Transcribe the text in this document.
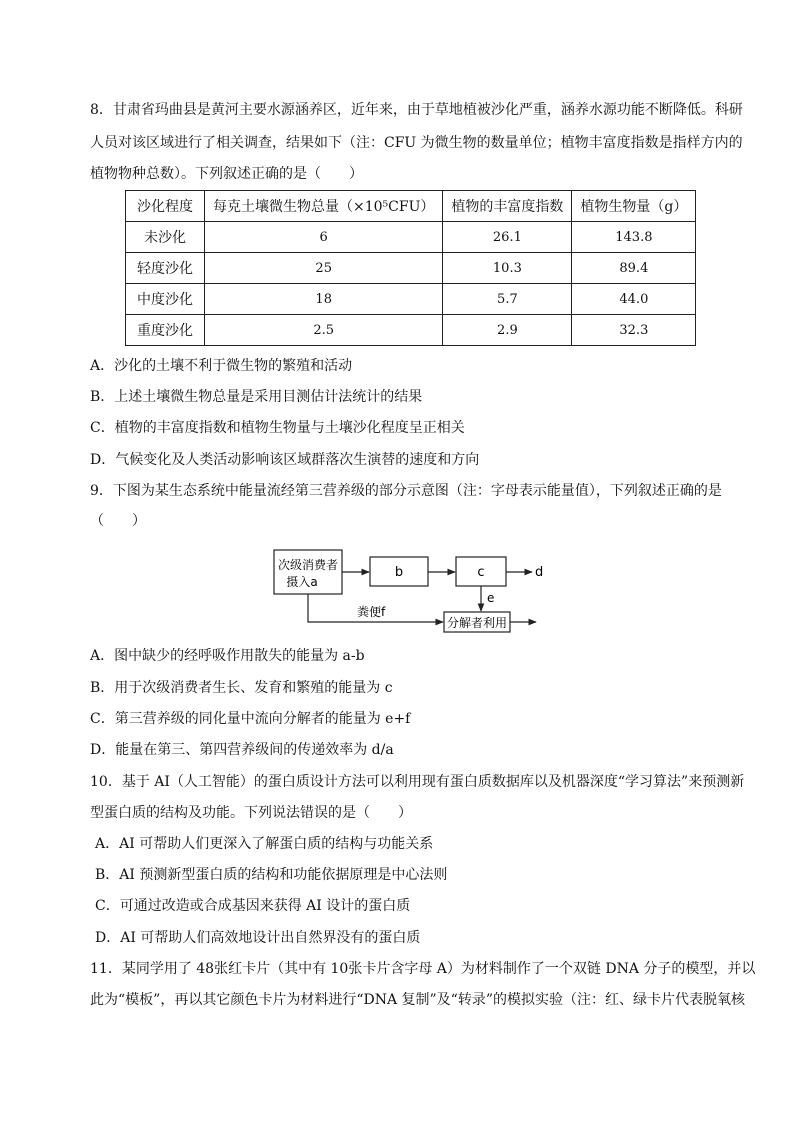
8．甘肃省玛曲县是黄河主要水源涵养区，近年来，由于草地植被沙化严重，涵养水源功能不断降低。科研
人员对该区域进行了相关调查，结果如下（注：CFU 为微生物的数量单位；植物丰富度指数是指样方内的
植物物种总数）。下列叙述正确的是（　　）
沙化程度	每克土壤微生物总量（×10⁵CFU）	植物的丰富度指数	植物生物量（g）
未沙化	6	26.1	143.8
轻度沙化	25	10.3	89.4
中度沙化	18	5.7	44.0
重度沙化	2.5	2.9	32.3
A．沙化的土壤不利于微生物的繁殖和活动
B．上述土壤微生物总量是采用目测估计法统计的结果
C．植物的丰富度指数和植物生物量与土壤沙化程度呈正相关
D．气候变化及人类活动影响该区域群落次生演替的速度和方向
9．下图为某生态系统中能量流经第三营养级的部分示意图（注：字母表示能量值），下列叙述正确的是
（　　）
次级消费者
摄入a
b	c	d
e
粪便f
分解者利用
A．图中缺少的经呼吸作用散失的能量为 a-b
B．用于次级消费者生长、发育和繁殖的能量为 c
C．第三营养级的同化量中流向分解者的能量为 e+f
D．能量在第三、第四营养级间的传递效率为 d/a
10．基于 AI（人工智能）的蛋白质设计方法可以利用现有蛋白质数据库以及机器深度“学习算法”来预测新
型蛋白质的结构及功能。下列说法错误的是（　　）
A．AI 可帮助人们更深入了解蛋白质的结构与功能关系
B．AI 预测新型蛋白质的结构和功能依据原理是中心法则
C．可通过改造或合成基因来获得 AI 设计的蛋白质
D．AI 可帮助人们高效地设计出自然界没有的蛋白质
11．某同学用了 48张红卡片（其中有 10张卡片含字母 A）为材料制作了一个双链 DNA 分子的模型，并以
此为“模板”，再以其它颜色卡片为材料进行“DNA 复制”及“转录”的模拟实验（注：红、绿卡片代表脱氧核
